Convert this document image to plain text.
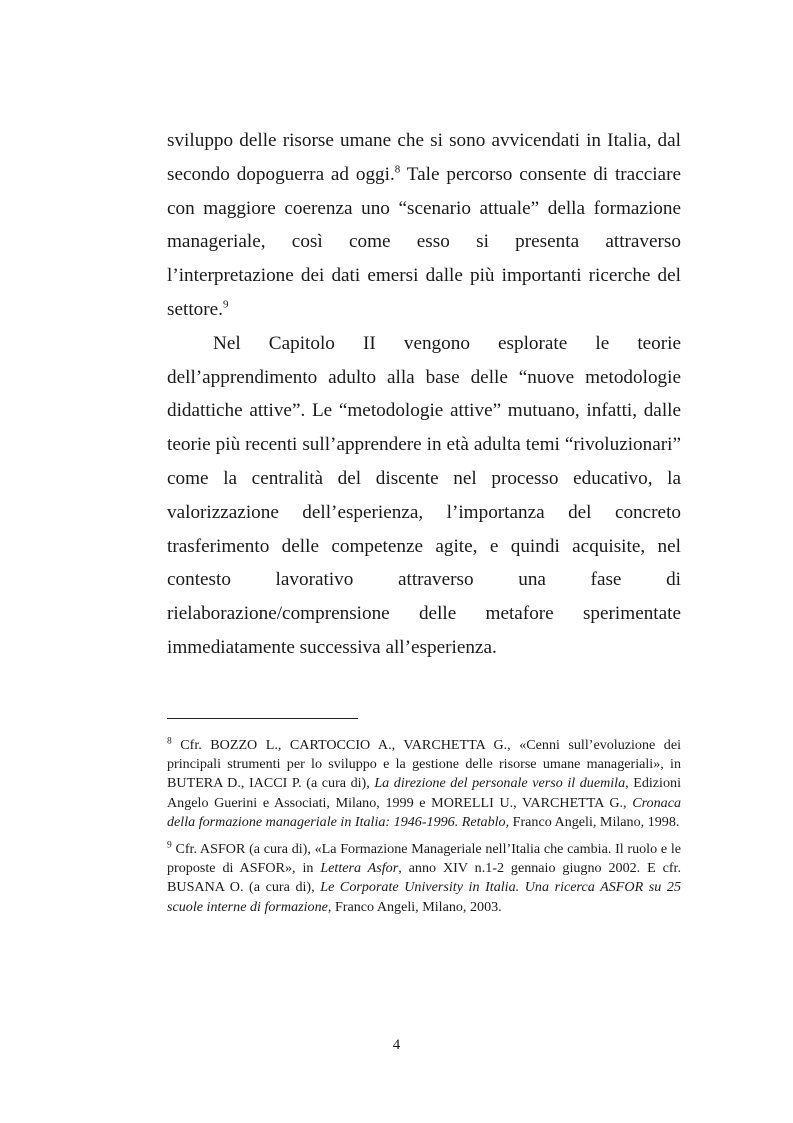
sviluppo delle risorse umane che si sono avvicendati in Italia, dal secondo dopoguerra ad oggi.$^8$ Tale percorso consente di tracciare con maggiore coerenza uno “scenario attuale” della formazione manageriale, così come esso si presenta attraverso l’interpretazione dei dati emersi dalle più importanti ricerche del settore.$^9$

Nel Capitolo II vengono esplorate le teorie dell’apprendimento adulto alla base delle “nuove metodologie didattiche attive”. Le “metodologie attive” mutuano, infatti, dalle teorie più recenti sull’apprendere in età adulta temi “rivoluzionari” come la centralità del discente nel processo educativo, la valorizzazione dell’esperienza, l’importanza del concreto trasferimento delle competenze agite, e quindi acquisite, nel contesto lavorativo attraverso una fase di rielaborazione/comprensione delle metafore sperimentate immediatamente successiva all’esperienza.

$^8$ Cfr. BOZZO L., CARTOCCIO A., VARCHETTA G., «Cenni sull’evoluzione dei principali strumenti per lo sviluppo e la gestione delle risorse umane manageriali», in BUTERA D., IACCI P. (a cura di), La direzione del personale verso il duemila, Edizioni Angelo Guerini e Associati, Milano, 1999 e MORELLI U., VARCHETTA G., Cronaca della formazione manageriale in Italia: 1946-1996. Retablo, Franco Angeli, Milano, 1998.

$^9$ Cfr. ASFOR (a cura di), «La Formazione Manageriale nell’Italia che cambia. Il ruolo e le proposte di ASFOR», in Lettera Asfor, anno XIV n.1-2 gennaio giugno 2002. E cfr. BUSANA O. (a cura di), Le Corporate University in Italia. Una ricerca ASFOR su 25 scuole interne di formazione, Franco Angeli, Milano, 2003.

4
